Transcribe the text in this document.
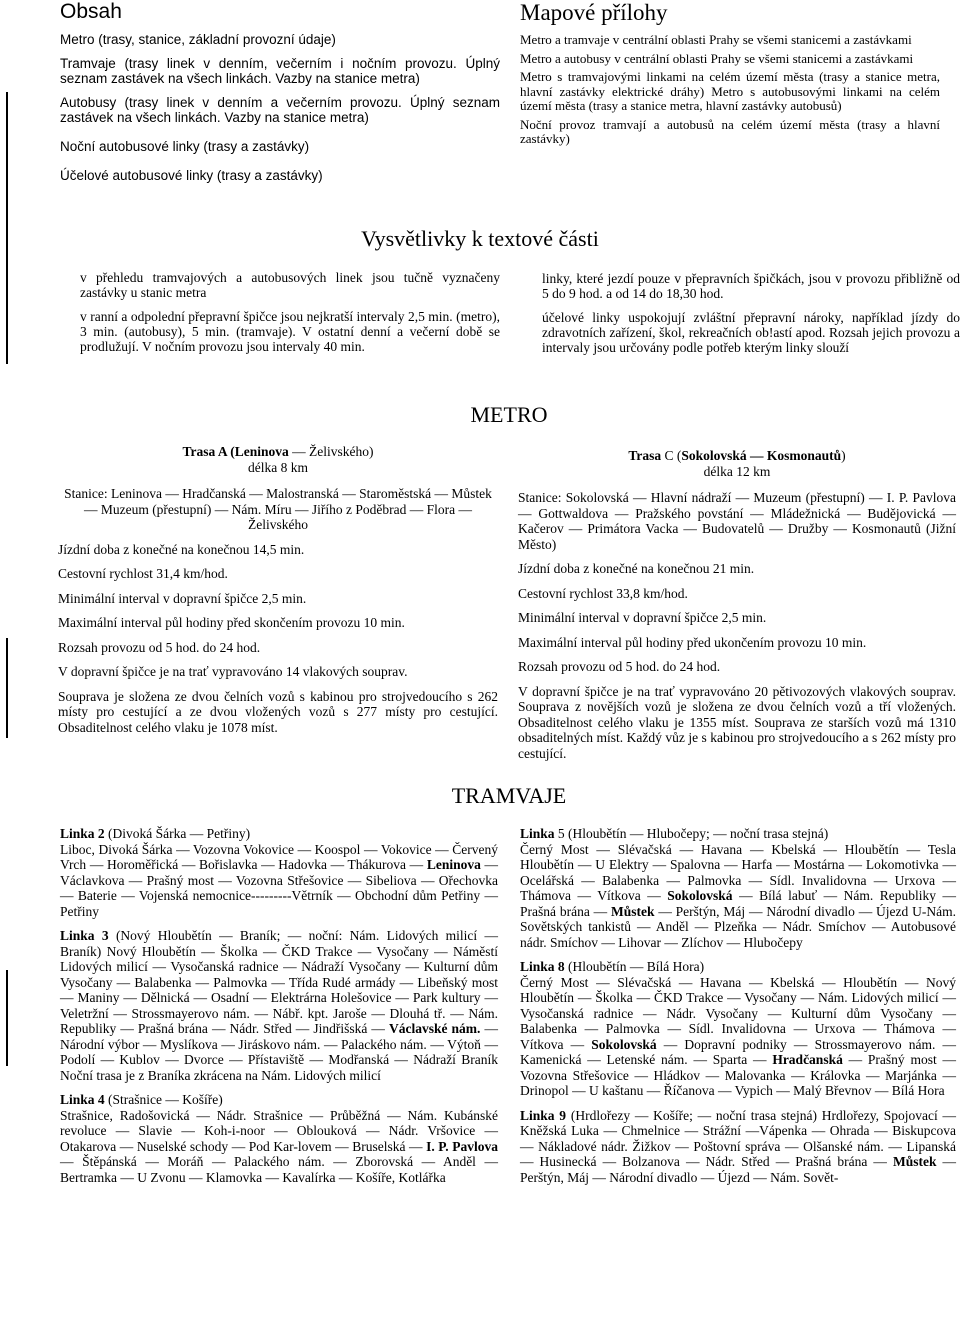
Obsah

Metro (trasy, stanice, základní provozní údaje)

Tramvaje (trasy linek v denním, večerním i nočním provozu. Úplný seznam zastávek na všech linkách. Vazby na stanice metra)

Autobusy (trasy linek v denním a večerním provozu. Úplný seznam zastávek na všech linkách. Vazby na stanice metra)

Noční autobusové linky (trasy a zastávky)

Účelové autobusové linky (trasy a zastávky)

Mapové přílohy

Metro a tramvaje v centrální oblasti Prahy se všemi stanicemi a zastávkami

Metro a autobusy v centrální oblasti Prahy se všemi stanicemi a zastávkami

Metro s tramvajovými linkami na celém území města (trasy a stanice metra, hlavní zastávky elektrické dráhy) Metro s autobusovými linkami na celém území města (trasy a stanice metra, hlavní zastávky autobusů)

Noční provoz tramvají a autobusů na celém území města (trasy a hlavní zastávky)

Vysvětlivky k textové části

v přehledu tramvajových a autobusových linek jsou tučně vyznačeny zastávky u stanic metra

v ranní a odpolední přepravní špičce jsou nejkratší intervaly 2,5 min. (metro), 3 min. (autobusy), 5 min. (tramvaje). V ostatní denní a večerní době se prodlužují. V nočním provozu jsou intervaly 40 min.

linky, které jezdí pouze v přepravních špičkách, jsou v provozu přibližně od 5 do 9 hod. a od 14 do 18,30 hod.

účelové linky uspokojují zvláštní přepravní nároky, například jízdy do zdravotních zařízení, škol, rekreačních ob!astí apod. Rozsah jejich provozu a intervaly jsou určovány podle potřeb kterým linky slouží

METRO
Trasa A (Leninova — Želivského)
délka 8 km

Stanice: Leninova — Hradčanská — Malostranská — Staroměstská — Můstek — Muzeum (přestupní) — Nám. Míru — Jiřího z Poděbrad — Flora — Želivského

Jízdní doba z konečné na konečnou 14,5 min.

Cestovní rychlost 31,4 km/hod.

Minimální interval v dopravní špičce 2,5 min.

Maximální interval půl hodiny před skončením provozu 10 min.

Rozsah provozu od 5 hod. do 24 hod.

V dopravní špičce je na trať vypravováno 14 vlakových souprav.

Souprava je složena ze dvou čelních vozů s kabinou pro strojvedoucího s 262 místy pro cestující a ze dvou vložených vozů s 277 místy pro cestující. Obsaditelnost celého vlaku je 1078 míst.

Trasa C (Sokolovská — Kosmonautů)
délka 12 km

Stanice: Sokolovská — Hlavní nádraží — Muzeum (přestupní) — I. P. Pavlova — Gottwaldova — Pražského povstání — Mládežnická — Budějovická — Kačerov — Primátora Vacka — Budovatelů — Družby — Kosmonautů (Jižní Město)

Jízdní doba z konečné na konečnou 21 min.

Cestovní rychlost 33,8 km/hod.

Minimální interval v dopravní špičce 2,5 min.

Maximální interval půl hodiny před ukončením provozu 10 min.

Rozsah provozu od 5 hod. do 24 hod.

V dopravní špičce je na trať vypravováno 20 pětivozových vlakových souprav. Souprava z novějších vozů je složena ze dvou čelních vozů a tří vložených. Obsaditelnost celého vlaku je 1355 míst. Souprava ze starších vozů má 1310 obsaditelných míst. Každý vůz je s kabinou pro strojvedoucího a s 262 místy pro cestující.

TRAMVAJE

Linka 2 (Divoká Šárka — Petřiny)
Liboc, Divoká Šárka — Vozovna Vokovice — Koospol — Vokovice — Červený Vrch — Horoměřická — Bořislavka — Hadovka — Thákurova — Leninova — Václavkova — Prašný most — Vozovna Střešovice — Sibeliova — Ořechovka — Baterie — Vojenská nemocnice---------Větrník — Obchodní dům Petřiny — Petřiny

Linka 3 (Nový Hloubětín — Braník; — noční: Nám. Lidových milicí — Braník) Nový Hloubětín — Školka — ČKD Trakce — Vysočany — Náměstí Lidových milicí — Vysočanská radnice — Nádraží Vysočany — Kulturní dům Vysočany — Balabenka — Palmovka — Třída Rudé armády — Libeňský most — Maniny — Dělnická — Osadní — Elektrárna Holešovice — Park kultury — Veletržní — Strossmayerovo nám. — Nábř. kpt. Jaroše — Dlouhá tř. — Nám. Republiky — Prašná brána — Nádr. Střed — Jindřišská — Václavské nám. — Národní výbor — Myslíkova — Jiráskovo nám. — Palackého nám. — Výtoň — Podolí — Kublov — Dvorce — Přístaviště — Modřanská — Nádraží Braník Noční trasa je z Braníka zkrácena na Nám. Lidových milicí

Linka 4 (Strašnice — Košíře)
Strašnice, Radošovická — Nádr. Strašnice — Průběžná — Nám. Kubánské revoluce — Slavie — Koh-i-noor — Oblouková — Nádr. Vršovice — Otakarova — Nuselské schody — Pod Kar-lovem — Bruselská — I. P. Pavlova — Štěpánská — Moráň — Palackého nám. — Zborovská — Anděl — Bertramka — U Zvonu — Klamovka — Kavalírka — Košíře, Kotlářka

Linka 5 (Hloubětín — Hlubočepy; — noční trasa stejná)
Černý Most — Slévačská — Havana — Kbelská — Hloubětín — Tesla Hloubětín — U Elektry — Spalovna — Harfa — Mostárna — Lokomotivka — Ocelářská — Balabenka — Palmovka — Sídl. Invalidovna — Urxova — Thámova — Vítkova — Sokolovská — Bílá labuť — Nám. Republiky — Prašná brána — Můstek — Perštýn, Máj — Národní divadlo — Újezd U-Nám. Sovětských tankistů — Anděl — Plzeňka — Nádr. Smíchov — Autobusové nádr. Smíchov — Lihovar — Zlíchov — Hlubočepy

Linka 8 (Hloubětín — Bílá Hora)
Černý Most — Slévačská — Havana — Kbelská — Hloubětín — Nový Hloubětín — Školka — ČKD Trakce — Vysočany — Nám. Lidových milicí — Vysočanská radnice — Nádr. Vysočany — Kulturní dům Vysočany — Balabenka — Palmovka — Sídl. Invalidovna — Urxova — Thámova — Vítkova — Sokolovská — Dopravní podniky — Strossmayerovo nám. — Kamenická — Letenské nám. — Sparta — Hradčanská — Prašný most — Vozovna Střešovice — Hládkov — Malovanka — Královka — Marjánka — Drinopol — U kaštanu — Říčanova — Vypich — Malý Břevnov — Bílá Hora

Linka 9 (Hrdlořezy — Košíře; — noční trasa stejná) Hrdlořezy, Spojovací — Kněžská Luka — Chmelnice — Strážní —Vápenka — Ohrada — Biskupcova — Nákladové nádr. Žižkov — Poštovní správa — Olšanské nám. — Lipanská — Husinecká — Bolzanova — Nádr. Střed — Prašná brána — Můstek —Perštýn, Máj — Národní divadlo — Újezd — Nám. Sovět-
